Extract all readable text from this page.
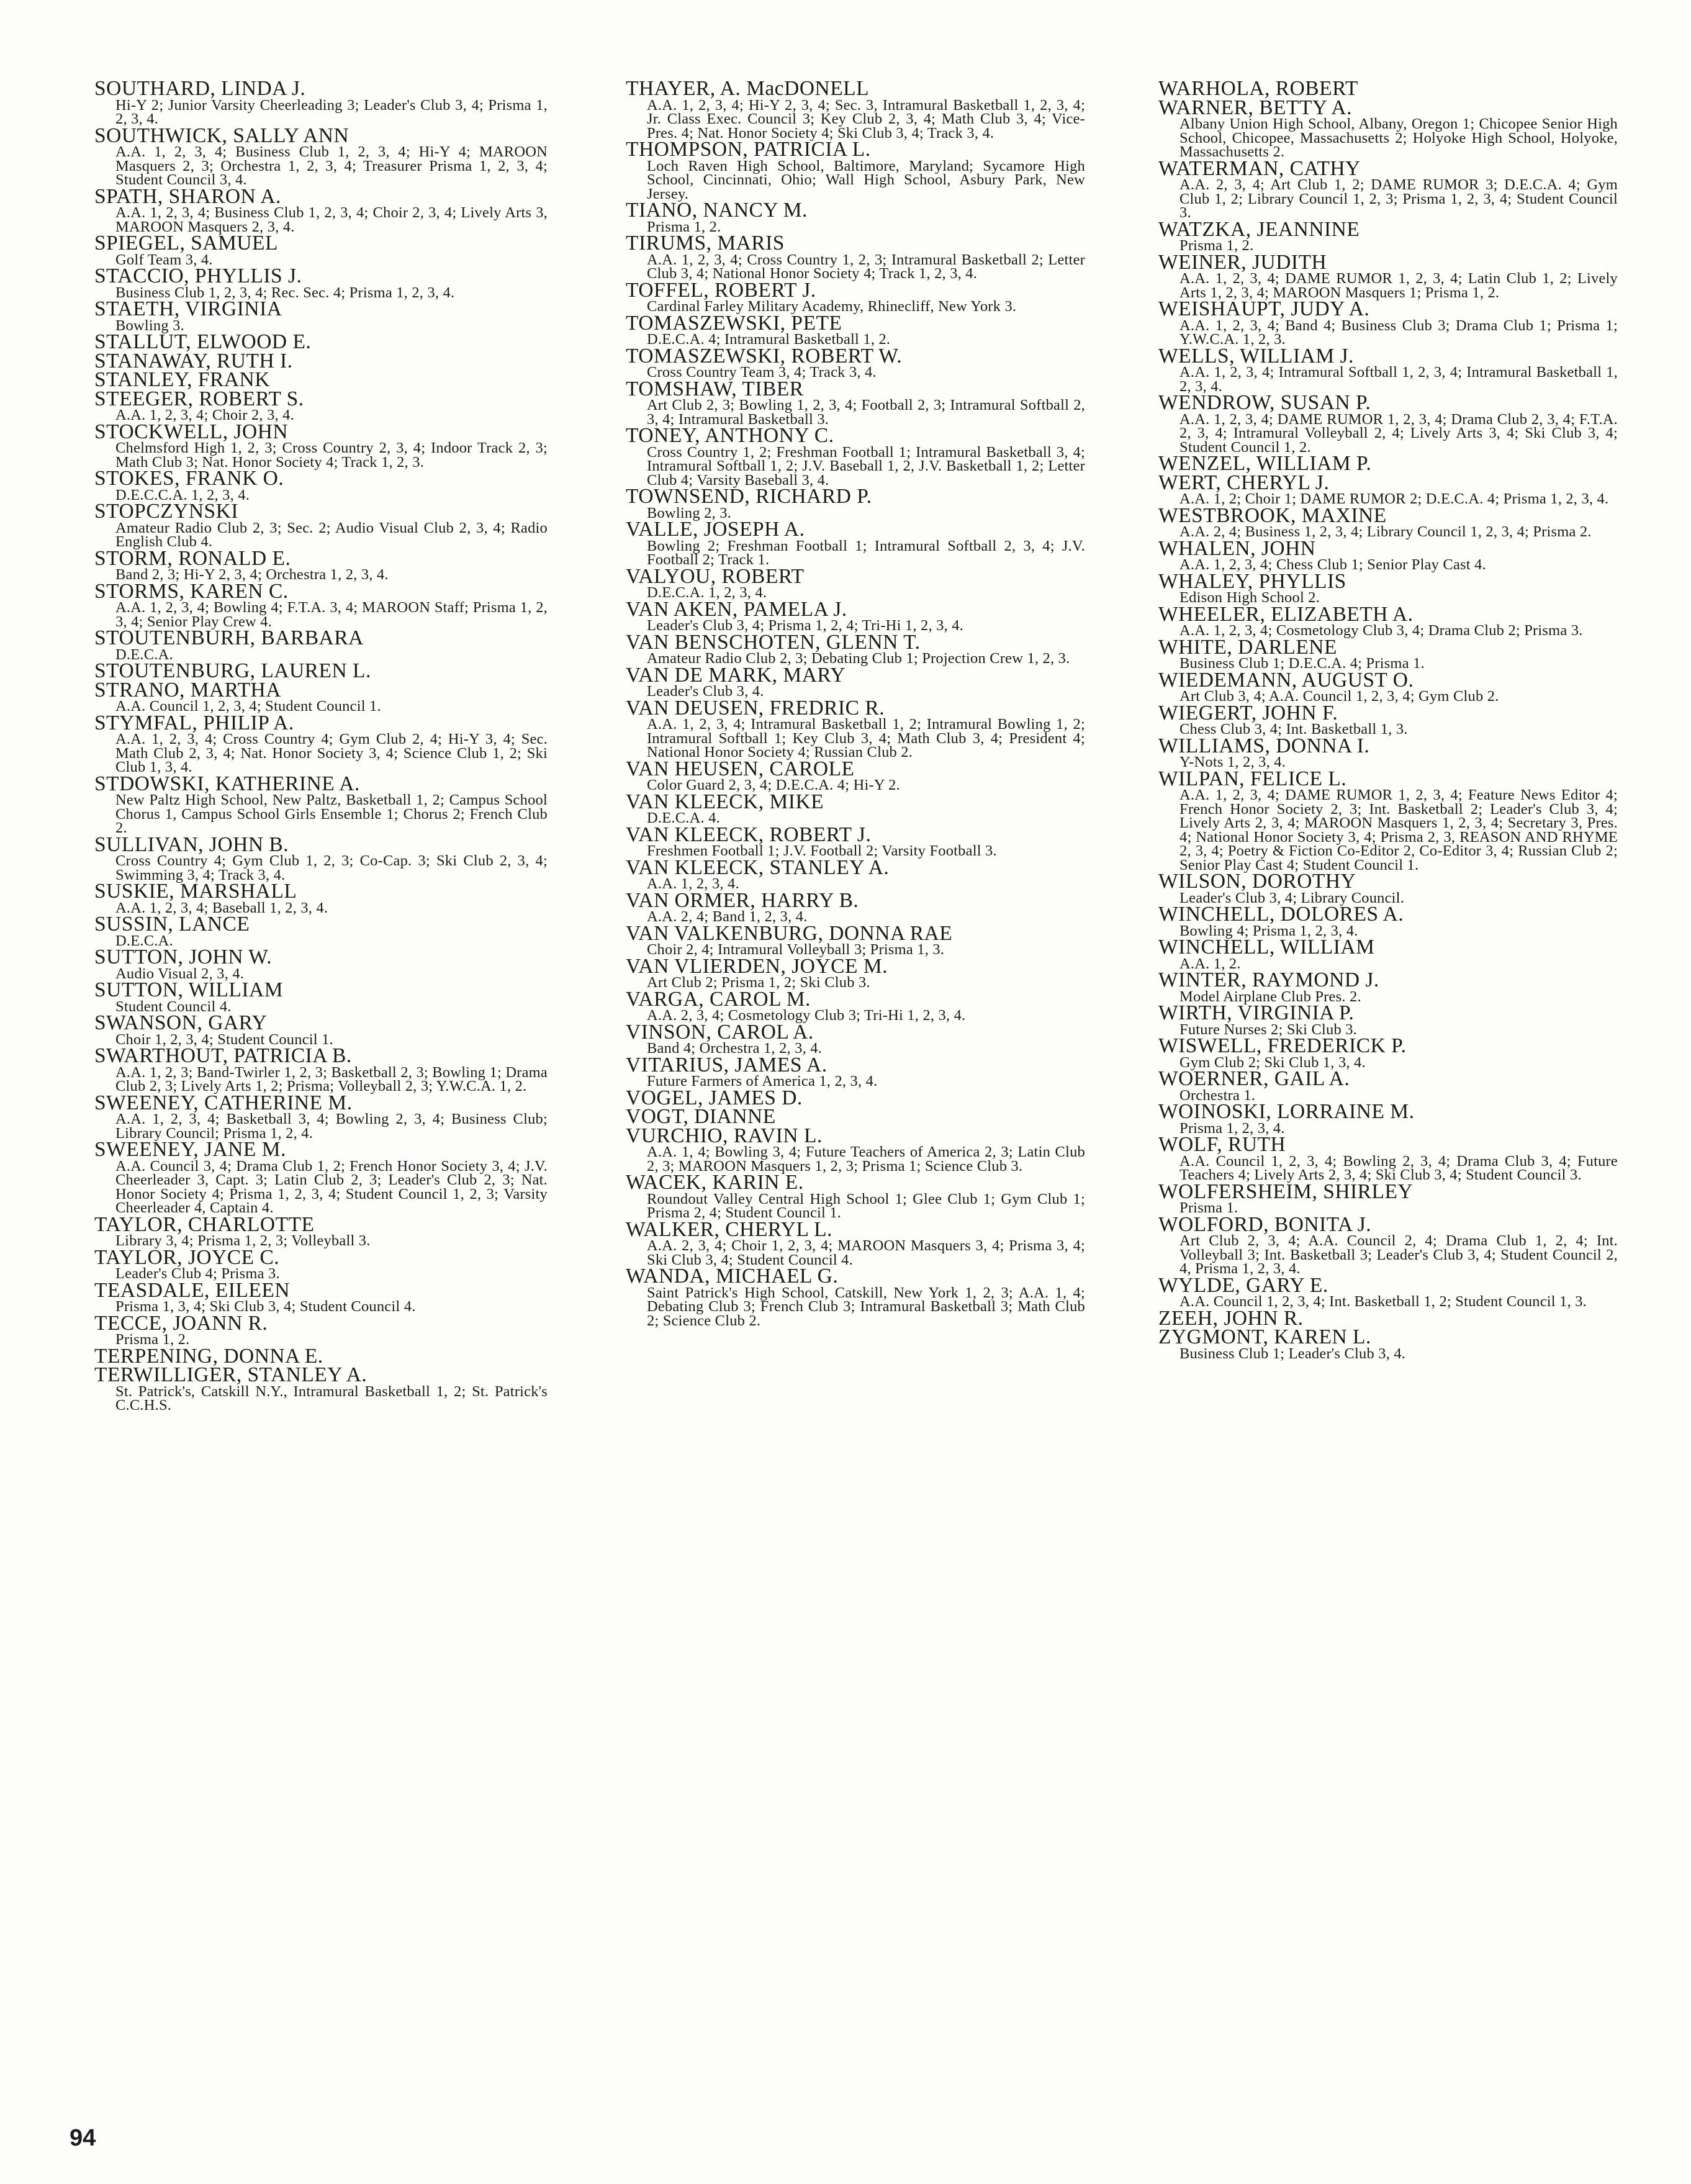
SOUTHARD, LINDA J.
Hi-Y 2; Junior Varsity Cheerleading 3; Leader's Club 3, 4; Prisma 1, 2, 3, 4.
SOUTHWICK, SALLY ANN
A.A. 1, 2, 3, 4; Business Club 1, 2, 3, 4; Hi-Y 4; MAROON Masquers 2, 3; Orchestra 1, 2, 3, 4; Treasurer Prisma 1, 2, 3, 4; Student Council 3, 4.
SPATH, SHARON A.
A.A. 1, 2, 3, 4; Business Club 1, 2, 3, 4; Choir 2, 3, 4; Lively Arts 3, MAROON Masquers 2, 3, 4.
SPIEGEL, SAMUEL
Golf Team 3, 4.
STACCIO, PHYLLIS J.
Business Club 1, 2, 3, 4; Rec. Sec. 4; Prisma 1, 2, 3, 4.
STAETH, VIRGINIA
Bowling 3.
STALLUT, ELWOOD E.
STANAWAY, RUTH I.
STANLEY, FRANK
STEEGER, ROBERT S.
A.A. 1, 2, 3, 4; Choir 2, 3, 4.
STOCKWELL, JOHN
Chelmsford High 1, 2, 3; Cross Country 2, 3, 4; Indoor Track 2, 3; Math Club 3; Nat. Honor Society 4; Track 1, 2, 3.
STOKES, FRANK O.
D.E.C.C.A. 1, 2, 3, 4.
STOPCZYNSKI
Amateur Radio Club 2, 3; Sec. 2; Audio Visual Club 2, 3, 4; Radio English Club 4.
STORM, RONALD E.
Band 2, 3; Hi-Y 2, 3, 4; Orchestra 1, 2, 3, 4.
STORMS, KAREN C.
A.A. 1, 2, 3, 4; Bowling 4; F.T.A. 3, 4; MAROON Staff; Prisma 1, 2, 3, 4; Senior Play Crew 4.
STOUTENBURH, BARBARA
D.E.C.A.
STOUTENBURG, LAUREN L.
STRANO, MARTHA
A.A. Council 1, 2, 3, 4; Student Council 1.
STYMFAL, PHILIP A.
A.A. 1, 2, 3, 4; Cross Country 4; Gym Club 2, 4; Hi-Y 3, 4; Sec. Math Club 2, 3, 4; Nat. Honor Society 3, 4; Science Club 1, 2; Ski Club 1, 3, 4.
STDOWSKI, KATHERINE A.
New Paltz High School, New Paltz, Basketball 1, 2; Campus School Chorus 1, Campus School Girls Ensemble 1; Chorus 2; French Club 2.
SULLIVAN, JOHN B.
Cross Country 4; Gym Club 1, 2, 3; Co-Cap. 3; Ski Club 2, 3, 4; Swimming 3, 4; Track 3, 4.
SUSKIE, MARSHALL
A.A. 1, 2, 3, 4; Baseball 1, 2, 3, 4.
SUSSIN, LANCE
D.E.C.A.
SUTTON, JOHN W.
Audio Visual 2, 3, 4.
SUTTON, WILLIAM
Student Council 4.
SWANSON, GARY
Choir 1, 2, 3, 4; Student Council 1.
SWARTHOUT, PATRICIA B.
A.A. 1, 2, 3; Band-Twirler 1, 2, 3; Basketball 2, 3; Bowling 1; Drama Club 2, 3; Lively Arts 1, 2; Prisma; Volleyball 2, 3; Y.W.C.A. 1, 2.
SWEENEY, CATHERINE M.
A.A. 1, 2, 3, 4; Basketball 3, 4; Bowling 2, 3, 4; Business Club; Library Council; Prisma 1, 2, 4.
SWEENEY, JANE M.
A.A. Council 3, 4; Drama Club 1, 2; French Honor Society 3, 4; J.V. Cheerleader 3, Capt. 3; Latin Club 2, 3; Leader's Club 2, 3; Nat. Honor Society 4; Prisma 1, 2, 3, 4; Student Council 1, 2, 3; Varsity Cheerleader 4, Captain 4.
TAYLOR, CHARLOTTE
Library 3, 4; Prisma 1, 2, 3; Volleyball 3.
TAYLOR, JOYCE C.
Leader's Club 4; Prisma 3.
TEASDALE, EILEEN
Prisma 1, 3, 4; Ski Club 3, 4; Student Council 4.
TECCE, JOANN R.
Prisma 1, 2.
TERPENING, DONNA E.
TERWILLIGER, STANLEY A.
St. Patrick's, Catskill N.Y., Intramural Basketball 1, 2; St. Patrick's C.C.H.S.
THAYER, A. MacDONELL
A.A. 1, 2, 3, 4; Hi-Y 2, 3, 4; Sec. 3, Intramural Basketball 1, 2, 3, 4; Jr. Class Exec. Council 3; Key Club 2, 3, 4; Math Club 3, 4; Vice-Pres. 4; Nat. Honor Society 4; Ski Club 3, 4; Track 3, 4.
THOMPSON, PATRICIA L.
Loch Raven High School, Baltimore, Maryland; Sycamore High School, Cincinnati, Ohio; Wall High School, Asbury Park, New Jersey.
TIANO, NANCY M.
Prisma 1, 2.
TIRUMS, MARIS
A.A. 1, 2, 3, 4; Cross Country 1, 2, 3; Intramural Basketball 2; Letter Club 3, 4; National Honor Society 4; Track 1, 2, 3, 4.
TOFFEL, ROBERT J.
Cardinal Farley Military Academy, Rhinecliff, New York 3.
TOMASZEWSKI, PETE
D.E.C.A. 4; Intramural Basketball 1, 2.
TOMASZEWSKI, ROBERT W.
Cross Country Team 3, 4; Track 3, 4.
TOMSHAW, TIBER
Art Club 2, 3; Bowling 1, 2, 3, 4; Football 2, 3; Intramural Softball 2, 3, 4; Intramural Basketball 3.
TONEY, ANTHONY C.
Cross Country 1, 2; Freshman Football 1; Intramural Basketball 3, 4; Intramural Softball 1, 2; J.V. Baseball 1, 2, J.V. Basketball 1, 2; Letter Club 4; Varsity Baseball 3, 4.
TOWNSEND, RICHARD P.
Bowling 2, 3.
VALLE, JOSEPH A.
Bowling 2; Freshman Football 1; Intramural Softball 2, 3, 4; J.V. Football 2; Track 1.
VALYOU, ROBERT
D.E.C.A. 1, 2, 3, 4.
VAN AKEN, PAMELA J.
Leader's Club 3, 4; Prisma 1, 2, 4; Tri-Hi 1, 2, 3, 4.
VAN BENSCHOTEN, GLENN T.
Amateur Radio Club 2, 3; Debating Club 1; Projection Crew 1, 2, 3.
VAN DE MARK, MARY
Leader's Club 3, 4.
VAN DEUSEN, FREDRIC R.
A.A. 1, 2, 3, 4; Intramural Basketball 1, 2; Intramural Bowling 1, 2; Intramural Softball 1; Key Club 3, 4; Math Club 3, 4; President 4; National Honor Society 4; Russian Club 2.
VAN HEUSEN, CAROLE
Color Guard 2, 3, 4; D.E.C.A. 4; Hi-Y 2.
VAN KLEECK, MIKE
D.E.C.A. 4.
VAN KLEECK, ROBERT J.
Freshmen Football 1; J.V. Football 2; Varsity Football 3.
VAN KLEECK, STANLEY A.
A.A. 1, 2, 3, 4.
VAN ORMER, HARRY B.
A.A. 2, 4; Band 1, 2, 3, 4.
VAN VALKENBURG, DONNA RAE
Choir 2, 4; Intramural Volleyball 3; Prisma 1, 3.
VAN VLIERDEN, JOYCE M.
Art Club 2; Prisma 1, 2; Ski Club 3.
VARGA, CAROL M.
A.A. 2, 3, 4; Cosmetology Club 3; Tri-Hi 1, 2, 3, 4.
VINSON, CAROL A.
Band 4; Orchestra 1, 2, 3, 4.
VITARIUS, JAMES A.
Future Farmers of America 1, 2, 3, 4.
VOGEL, JAMES D.
VOGT, DIANNE
VURCHIO, RAVIN L.
A.A. 1, 4; Bowling 3, 4; Future Teachers of America 2, 3; Latin Club 2, 3; MAROON Masquers 1, 2, 3; Prisma 1; Science Club 3.
WACEK, KARIN E.
Roundout Valley Central High School 1; Glee Club 1; Gym Club 1; Prisma 2, 4; Student Council 1.
WALKER, CHERYL L.
A.A. 2, 3, 4; Choir 1, 2, 3, 4; MAROON Masquers 3, 4; Prisma 3, 4; Ski Club 3, 4; Student Council 4.
WANDA, MICHAEL G.
Saint Patrick's High School, Catskill, New York 1, 2, 3; A.A. 1, 4; Debating Club 3; French Club 3; Intramural Basketball 3; Math Club 2; Science Club 2.
WARHOLA, ROBERT
WARNER, BETTY A.
Albany Union High School, Albany, Oregon 1; Chicopee Senior High School, Chicopee, Massachusetts 2; Holyoke High School, Holyoke, Massachusetts 2.
WATERMAN, CATHY
A.A. 2, 3, 4; Art Club 1, 2; DAME RUMOR 3; D.E.C.A. 4; Gym Club 1, 2; Library Council 1, 2, 3; Prisma 1, 2, 3, 4; Student Council 3.
WATZKA, JEANNINE
Prisma 1, 2.
WEINER, JUDITH
A.A. 1, 2, 3, 4; DAME RUMOR 1, 2, 3, 4; Latin Club 1, 2; Lively Arts 1, 2, 3, 4; MAROON Masquers 1; Prisma 1, 2.
WEISHAUPT, JUDY A.
A.A. 1, 2, 3, 4; Band 4; Business Club 3; Drama Club 1; Prisma 1; Y.W.C.A. 1, 2, 3.
WELLS, WILLIAM J.
A.A. 1, 2, 3, 4; Intramural Softball 1, 2, 3, 4; Intramural Basketball 1, 2, 3, 4.
WENDROW, SUSAN P.
A.A. 1, 2, 3, 4; DAME RUMOR 1, 2, 3, 4; Drama Club 2, 3, 4; F.T.A. 2, 3, 4; Intramural Volleyball 2, 4; Lively Arts 3, 4; Ski Club 3, 4; Student Council 1, 2.
WENZEL, WILLIAM P.
WERT, CHERYL J.
A.A. 1, 2; Choir 1; DAME RUMOR 2; D.E.C.A. 4; Prisma 1, 2, 3, 4.
WESTBROOK, MAXINE
A.A. 2, 4; Business 1, 2, 3, 4; Library Council 1, 2, 3, 4; Prisma 2.
WHALEN, JOHN
A.A. 1, 2, 3, 4; Chess Club 1; Senior Play Cast 4.
WHALEY, PHYLLIS
Edison High School 2.
WHEELER, ELIZABETH A.
A.A. 1, 2, 3, 4; Cosmetology Club 3, 4; Drama Club 2; Prisma 3.
WHITE, DARLENE
Business Club 1; D.E.C.A. 4; Prisma 1.
WIEDEMANN, AUGUST O.
Art Club 3, 4; A.A. Council 1, 2, 3, 4; Gym Club 2.
WIEGERT, JOHN F.
Chess Club 3, 4; Int. Basketball 1, 3.
WILLIAMS, DONNA I.
Y-Nots 1, 2, 3, 4.
WILPAN, FELICE L.
A.A. 1, 2, 3, 4; DAME RUMOR 1, 2, 3, 4; Feature News Editor 4; French Honor Society 2, 3; Int. Basketball 2; Leader's Club 3, 4; Lively Arts 2, 3, 4; MAROON Masquers 1, 2, 3, 4; Secretary 3, Pres. 4; National Honor Society 3, 4; Prisma 2, 3, REASON AND RHYME 2, 3, 4; Poetry & Fiction Co-Editor 2, Co-Editor 3, 4; Russian Club 2; Senior Play Cast 4; Student Council 1.
WILSON, DOROTHY
Leader's Club 3, 4; Library Council.
WINCHELL, DOLORES A.
Bowling 4; Prisma 1, 2, 3, 4.
WINCHELL, WILLIAM
A.A. 1, 2.
WINTER, RAYMOND J.
Model Airplane Club Pres. 2.
WIRTH, VIRGINIA P.
Future Nurses 2; Ski Club 3.
WISWELL, FREDERICK P.
Gym Club 2; Ski Club 1, 3, 4.
WOERNER, GAIL A.
Orchestra 1.
WOINOSKI, LORRAINE M.
Prisma 1, 2, 3, 4.
WOLF, RUTH
A.A. Council 1, 2, 3, 4; Bowling 2, 3, 4; Drama Club 3, 4; Future Teachers 4; Lively Arts 2, 3, 4; Ski Club 3, 4; Student Council 3.
WOLFERSHEIM, SHIRLEY
Prisma 1.
WOLFORD, BONITA J.
Art Club 2, 3, 4; A.A. Council 2, 4; Drama Club 1, 2, 4; Int. Volleyball 3; Int. Basketball 3; Leader's Club 3, 4; Student Council 2, 4, Prisma 1, 2, 3, 4.
WYLDE, GARY E.
A.A. Council 1, 2, 3, 4; Int. Basketball 1, 2; Student Council 1, 3.
ZEEH, JOHN R.
ZYGMONT, KAREN L.
Business Club 1; Leader's Club 3, 4.
94
